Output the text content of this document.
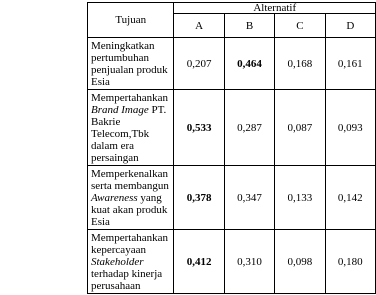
Tujuan	Alternatif			
	A	B	C	D
Meningkatkan pertumbuhan penjualan produk Esia	0,207	0,464	0,168	0,161
Mempertahankan Brand Image PT. Bakrie Telecom,Tbk dalam era persaingan	0,533	0,287	0,087	0,093
Memperkenalkan serta membangun Awareness yang kuat akan produk Esia	0,378	0,347	0,133	0,142
Mempertahankan kepercayaan Stakeholder terhadap kinerja perusahaan	0,412	0,310	0,098	0,180
